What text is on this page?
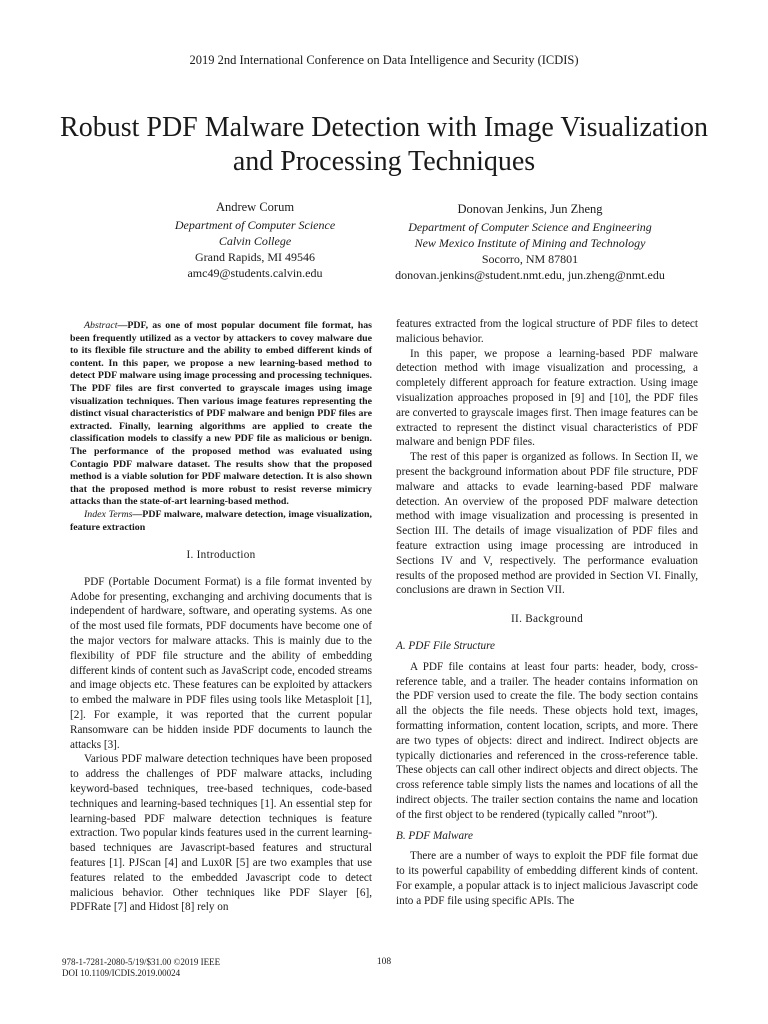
2019 2nd International Conference on Data Intelligence and Security (ICDIS)
Robust PDF Malware Detection with Image Visualization and Processing Techniques
Andrew Corum
Department of Computer Science
Calvin College
Grand Rapids, MI 49546
amc49@students.calvin.edu
Donovan Jenkins, Jun Zheng
Department of Computer Science and Engineering
New Mexico Institute of Mining and Technology
Socorro, NM 87801
donovan.jenkins@student.nmt.edu, jun.zheng@nmt.edu

Abstract—PDF, as one of most popular document file format, has been frequently utilized as a vector by attackers to covey malware due to its flexible file structure and the ability to embed different kinds of content. In this paper, we propose a new learning-based method to detect PDF malware using image processing and processing techniques. The PDF files are first converted to grayscale images using image visualization techniques. Then various image features representing the distinct visual characteristics of PDF malware and benign PDF files are extracted. Finally, learning algorithms are applied to create the classification models to classify a new PDF file as malicious or benign. The performance of the proposed method was evaluated using Contagio PDF malware dataset. The results show that the proposed method is a viable solution for PDF malware detection. It is also shown that the proposed method is more robust to resist reverse mimicry attacks than the state-of-art learning-based method.

Index Terms—PDF malware, malware detection, image visualization, feature extraction

I. Introduction

PDF (Portable Document Format) is a file format invented by Adobe for presenting, exchanging and archiving documents that is independent of hardware, software, and operating systems. As one of the most used file formats, PDF documents have become one of the major vectors for malware attacks. This is mainly due to the flexibility of PDF file structure and the ability of embedding different kinds of content such as JavaScript code, encoded streams and image objects etc. These features can be exploited by attackers to embed the malware in PDF files using tools like Metasploit [1], [2]. For example, it was reported that the current popular Ransomware can be hidden inside PDF documents to launch the attacks [3].

Various PDF malware detection techniques have been proposed to address the challenges of PDF malware attacks, including keyword-based techniques, tree-based techniques, code-based techniques and learning-based techniques [1]. An essential step for learning-based PDF malware detection techniques is feature extraction. Two popular kinds features used in the current learning-based techniques are Javascript-based features and structural features [1]. PJScan [4] and Lux0R [5] are two examples that use features related to the embedded Javascript code to detect malicious behavior. Other techniques like PDF Slayer [6], PDFRate [7] and Hidost [8] rely on

features extracted from the logical structure of PDF files to detect malicious behavior.

In this paper, we propose a learning-based PDF malware detection method with image visualization and processing, a completely different approach for feature extraction. Using image visualization approaches proposed in [9] and [10], the PDF files are converted to grayscale images first. Then image features can be extracted to represent the distinct visual characteristics of PDF malware and benign PDF files.

The rest of this paper is organized as follows. In Section II, we present the background information about PDF file structure, PDF malware and attacks to evade learning-based PDF malware detection. An overview of the proposed PDF malware detection method with image visualization and processing is presented in Section III. The details of image visualization of PDF files and feature extraction using image processing are introduced in Sections IV and V, respectively. The performance evaluation results of the proposed method are provided in Section VI. Finally, conclusions are drawn in Section VII.

II. Background
A. PDF File Structure

A PDF file contains at least four parts: header, body, cross-reference table, and a trailer. The header contains information on the PDF version used to create the file. The body section contains all the objects the file needs. These objects hold text, images, formatting information, content location, scripts, and more. There are two types of objects: direct and indirect. Indirect objects are typically dictionaries and referenced in the cross-reference table. These objects can call other indirect objects and direct objects. The cross reference table simply lists the names and locations of all the indirect objects. The trailer section contains the name and location of the first object to be rendered (typically called ”nroot”).

B. PDF Malware

There are a number of ways to exploit the PDF file format due to its powerful capability of embedding different kinds of content. For example, a popular attack is to inject malicious Javascript code into a PDF file using specific APIs. The

978-1-7281-2080-5/19/$31.00 ©2019 IEEE
DOI 10.1109/ICDIS.2019.00024
108
